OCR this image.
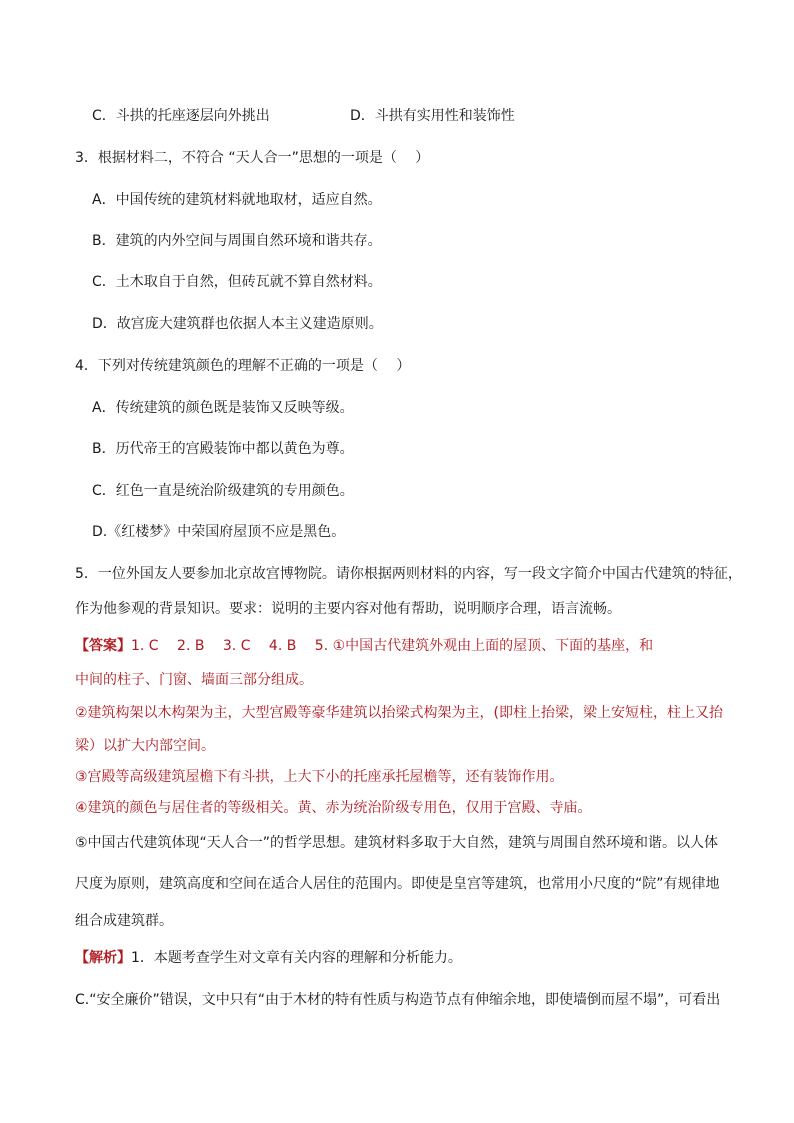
C．斗拱的托座逐层向外挑出	D．斗拱有实用性和装饰性
3．根据材料二，不符合 “天人合一”思想的一项是（　 ）
A．中国传统的建筑材料就地取材，适应自然。
B．建筑的内外空间与周围自然环境和谐共存。
C．土木取自于自然，但砖瓦就不算自然材料。
D．故宫庞大建筑群也依据人本主义建造原则。
4．下列对传统建筑颜色的理解不正确的一项是（　 ）
A．传统建筑的颜色既是装饰又反映等级。
B．历代帝王的宫殿装饰中都以黄色为尊。
C．红色一直是统治阶级建筑的专用颜色。
D.《红楼梦》中荣国府屋顶不应是黑色。
5．一位外国友人要参加北京故宫博物院。请你根据两则材料的内容，写一段文字简介中国古代建筑的特征，
作为他参观的背景知识。要求：说明的主要内容对他有帮助，说明顺序合理，语言流畅。
【答案】1. C　 2. B　 3. C　 4. B　 5. ①中国古代建筑外观由上面的屋顶、下面的基座，和
中间的柱子、门窗、墙面三部分组成。
②建筑构架以木构架为主，大型宫殿等豪华建筑以抬梁式构架为主，(即柱上抬梁，梁上安短柱，柱上又抬
梁）以扩大内部空间。
③宫殿等高级建筑屋檐下有斗拱，上大下小的托座承托屋檐等，还有装饰作用。
④建筑的颜色与居住者的等级相关。黄、赤为统治阶级专用色，仅用于宫殿、寺庙。
⑤中国古代建筑体现“天人合一”的哲学思想。建筑材料多取于大自然，建筑与周围自然环境和谐。以人体
尺度为原则，建筑高度和空间在适合人居住的范围内。即使是皇宫等建筑，也常用小尺度的“院”有规律地
组合成建筑群。
【解析】1．本题考查学生对文章有关内容的理解和分析能力。
C.“安全廉价”错误，文中只有“由于木材的特有性质与构造节点有伸缩余地，即使墙倒而屋不塌”，可看出
